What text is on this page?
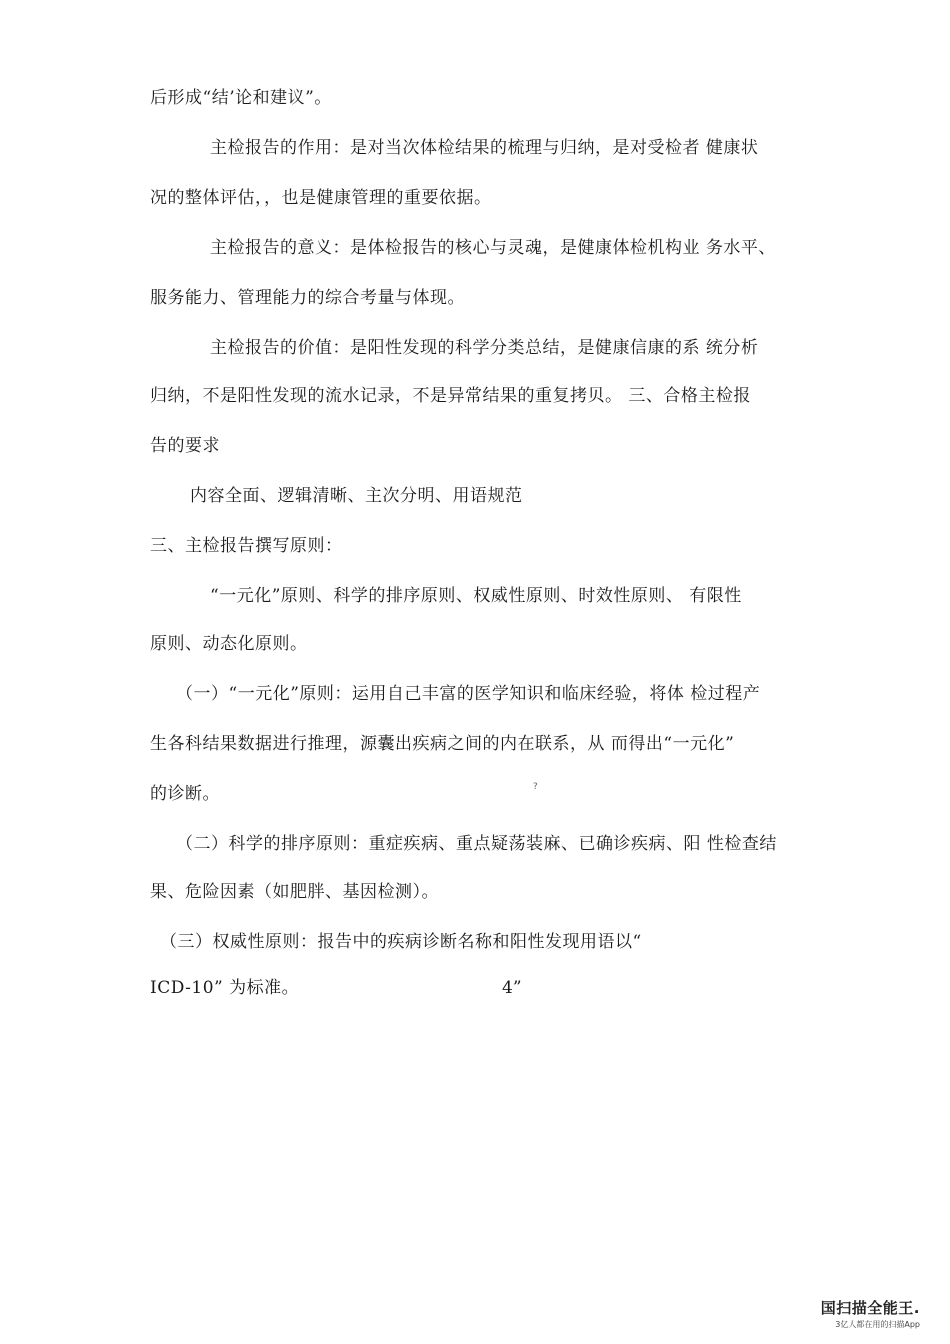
后形成“结’论和建议”。
主检报告的作用：是对当次体检结果的梳理与归纳，是对受检者 健康状
况的整体评估，，也是健康管理的重要依据。
主检报告的意义：是体检报告的核心与灵魂，是健康体检机构业 务水平、
服务能力、管理能力的综合考量与体现。
主检报告的价值：是阳性发现的科学分类总结，是健康信康的系 统分析
归纳，不是阳性发现的流水记录，不是异常结果的重复拷贝。 三、合格主检报
告的要求
内容全面、逻辑清晰、主次分明、用语规范
三、主检报告撰写原则：
“一元化”原则、科学的排序原则、权威性原则、时效性原则、 有限性
原则、动态化原则。
（一）“一元化”原则：运用自己丰富的医学知识和临床经验，将体 检过程产
生各科结果数据进行推理，源囊出疾病之间的内在联系，从 而得出“一元化”
的诊断。
（二）科学的排序原则：重症疾病、重点疑荡装麻、已确诊疾病、阳 性检查结
果、危险因素（如肥胖、基因检测）。
（三）权威性原则：报告中的疾病诊断名称和阳性发现用语以“
ICD-10” 为标准。
?
4”
国扫描全能王.
3亿人都在用的扫描App
